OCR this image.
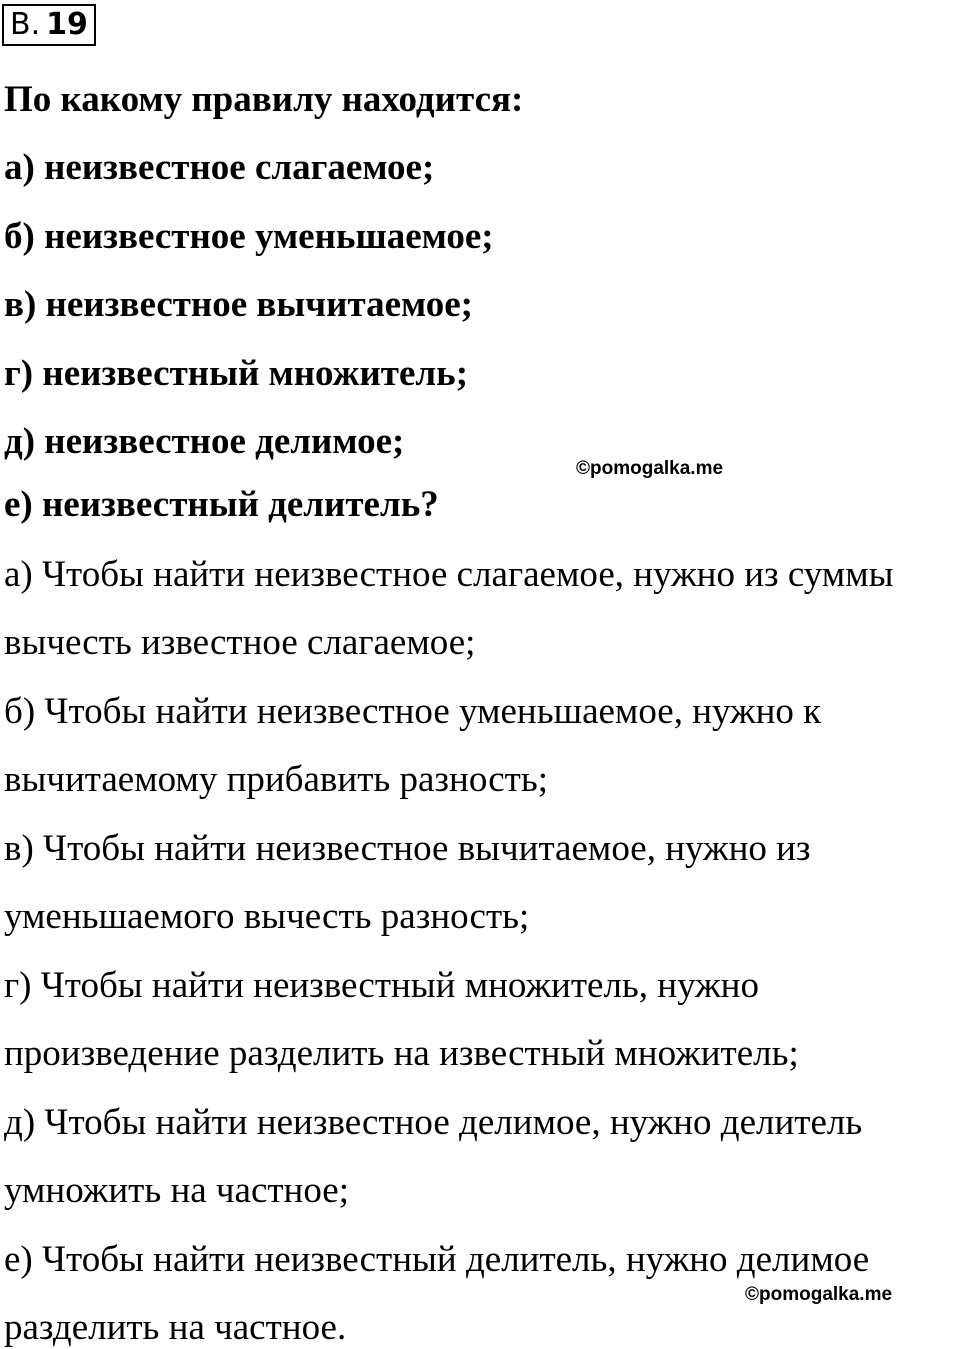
В. 19
По какому правилу находится:
а) неизвестное слагаемое;
б) неизвестное уменьшаемое;
в) неизвестное вычитаемое;
г) неизвестный множитель;
д) неизвестное делимое;
е) неизвестный делитель?
а) Чтобы найти неизвестное слагаемое, нужно из суммы
вычесть известное слагаемое;
б) Чтобы найти неизвестное уменьшаемое, нужно к
вычитаемому прибавить разность;
в) Чтобы найти неизвестное вычитаемое, нужно из
уменьшаемого вычесть разность;
г) Чтобы найти неизвестный множитель, нужно
произведение разделить на известный множитель;
д) Чтобы найти неизвестное делимое, нужно делитель
умножить на частное;
е) Чтобы найти неизвестный делитель, нужно делимое
разделить на частное.
©pomogalka.me
©pomogalka.me
